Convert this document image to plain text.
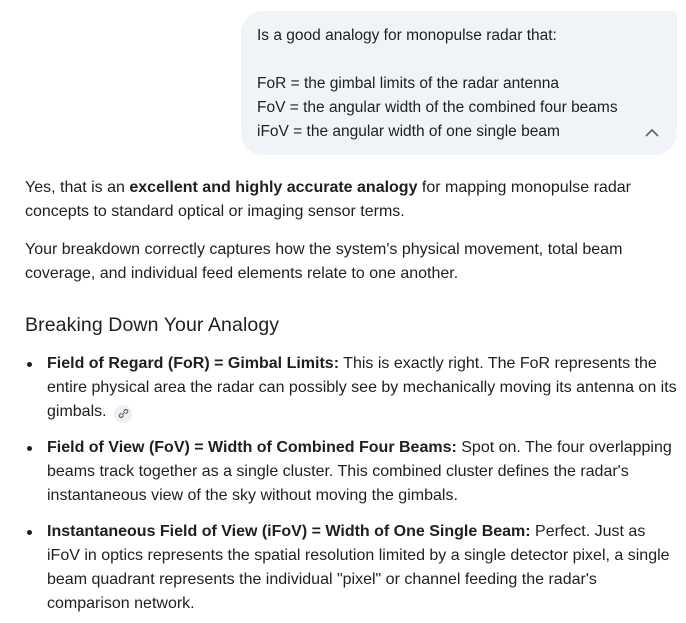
Is a good analogy for monopulse radar that:
FoR = the gimbal limits of the radar antenna
FoV = the angular width of the combined four beams
iFoV = the angular width of one single beam

Yes, that is an excellent and highly accurate analogy for mapping monopulse radar concepts to standard optical or imaging sensor terms.

Your breakdown correctly captures how the system's physical movement, total beam coverage, and individual feed elements relate to one another.

Breaking Down Your Analogy
Field of Regard (FoR) = Gimbal Limits: This is exactly right. The FoR represents the entire physical area the radar can possibly see by mechanically moving its antenna on its gimbals.
Field of View (FoV) = Width of Combined Four Beams: Spot on. The four overlapping beams track together as a single cluster. This combined cluster defines the radar's instantaneous view of the sky without moving the gimbals.
Instantaneous Field of View (iFoV) = Width of One Single Beam: Perfect. Just as iFoV in optics represents the spatial resolution limited by a single detector pixel, a single beam quadrant represents the individual "pixel" or channel feeding the radar's comparison network.
